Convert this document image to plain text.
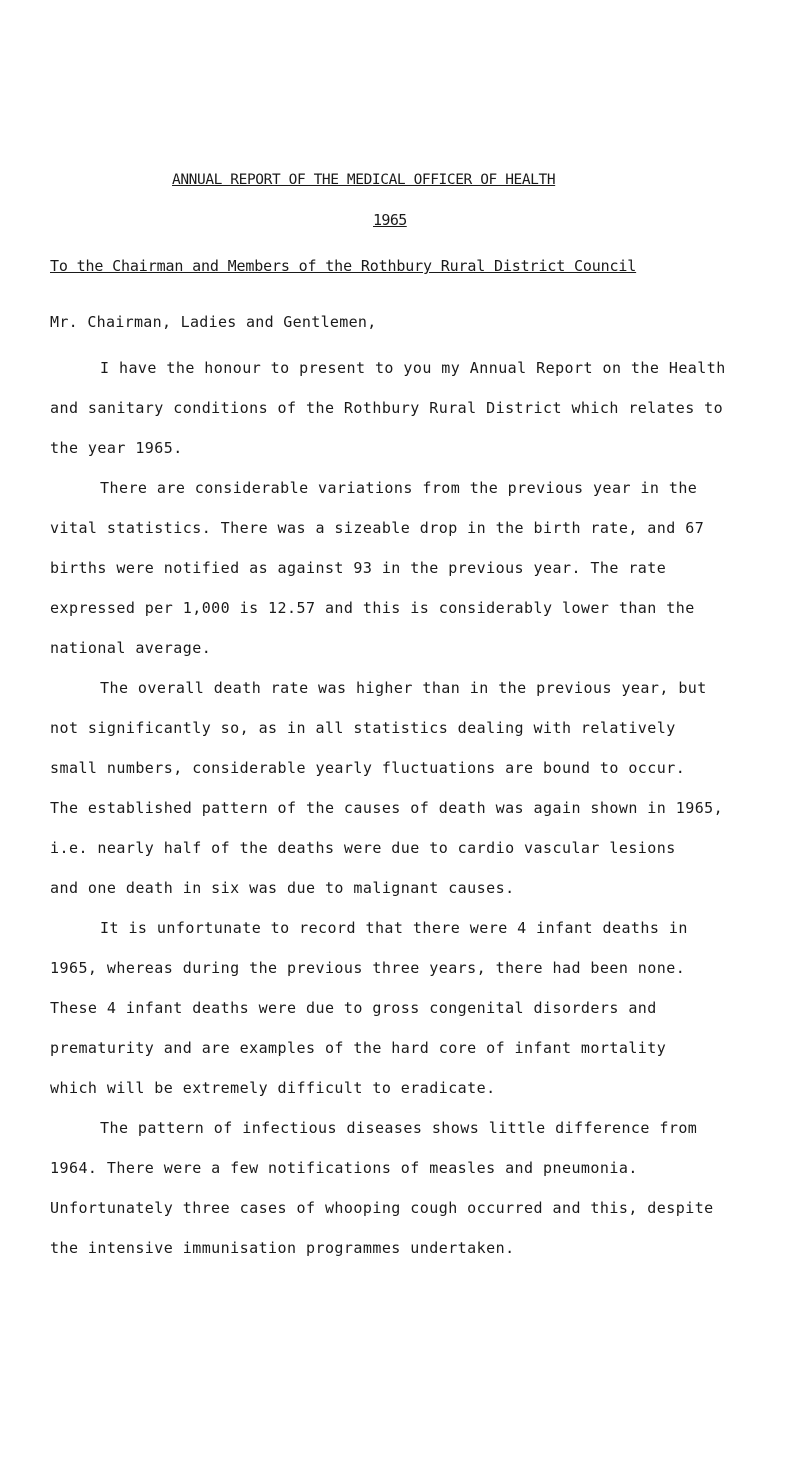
ANNUAL REPORT OF THE MEDICAL OFFICER OF HEALTH
1965
To the Chairman and Members of the Rothbury Rural District Council
Mr. Chairman, Ladies and Gentlemen,

I have the honour to present to you my Annual Report on the Health
and sanitary conditions of the Rothbury Rural District which relates to
the year 1965.

There are considerable variations from the previous year in the
vital statistics. There was a sizeable drop in the birth rate, and 67
births were notified as against 93 in the previous year. The rate
expressed per 1,000 is 12.57 and this is considerably lower than the
national average.

The overall death rate was higher than in the previous year, but
not significantly so, as in all statistics dealing with relatively
small numbers, considerable yearly fluctuations are bound to occur.
The established pattern of the causes of death was again shown in 1965,
i.e. nearly half of the deaths were due to cardio vascular lesions
and one death in six was due to malignant causes.

It is unfortunate to record that there were 4 infant deaths in
1965, whereas during the previous three years, there had been none.
These 4 infant deaths were due to gross congenital disorders and
prematurity and are examples of the hard core of infant mortality
which will be extremely difficult to eradicate.

The pattern of infectious diseases shows little difference from
1964. There were a few notifications of measles and pneumonia.
Unfortunately three cases of whooping cough occurred and this, despite
the intensive immunisation programmes undertaken.
